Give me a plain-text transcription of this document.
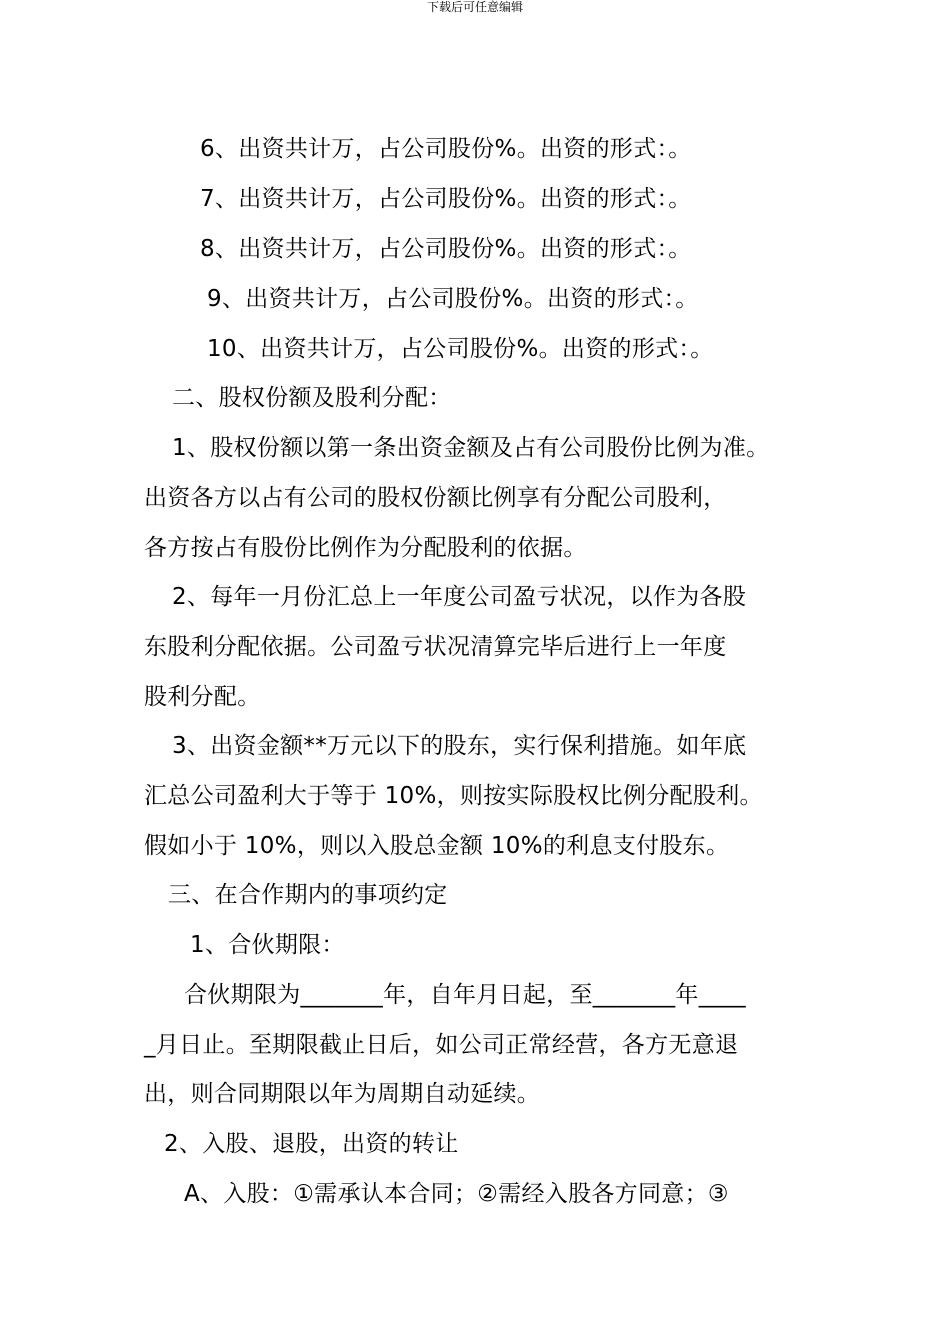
下载后可任意编辑
6、出资共计万，占公司股份%。出资的形式：。
7、出资共计万，占公司股份%。出资的形式：。
8、出资共计万，占公司股份%。出资的形式：。
9、出资共计万，占公司股份%。出资的形式：。
10、出资共计万，占公司股份%。出资的形式：。
二、股权份额及股利分配：
1、股权份额以第一条出资金额及占有公司股份比例为准。
出资各方以占有公司的股权份额比例享有分配公司股利，
各方按占有股份比例作为分配股利的依据。
2、每年一月份汇总上一年度公司盈亏状况，以作为各股
东股利分配依据。公司盈亏状况清算完毕后进行上一年度
股利分配。
3、出资金额**万元以下的股东，实行保利措施。如年底
汇总公司盈利大于等于 10%，则按实际股权比例分配股利。
假如小于 10%，则以入股总金额 10%的利息支付股东。
三、在合作期内的事项约定
1、合伙期限：
合伙期限为_______年，自年月日起，至_______年____
_月日止。至期限截止日后，如公司正常经营，各方无意退
出，则合同期限以年为周期自动延续。
2、入股、退股，出资的转让
A、入股：①需承认本合同；②需经入股各方同意；③
